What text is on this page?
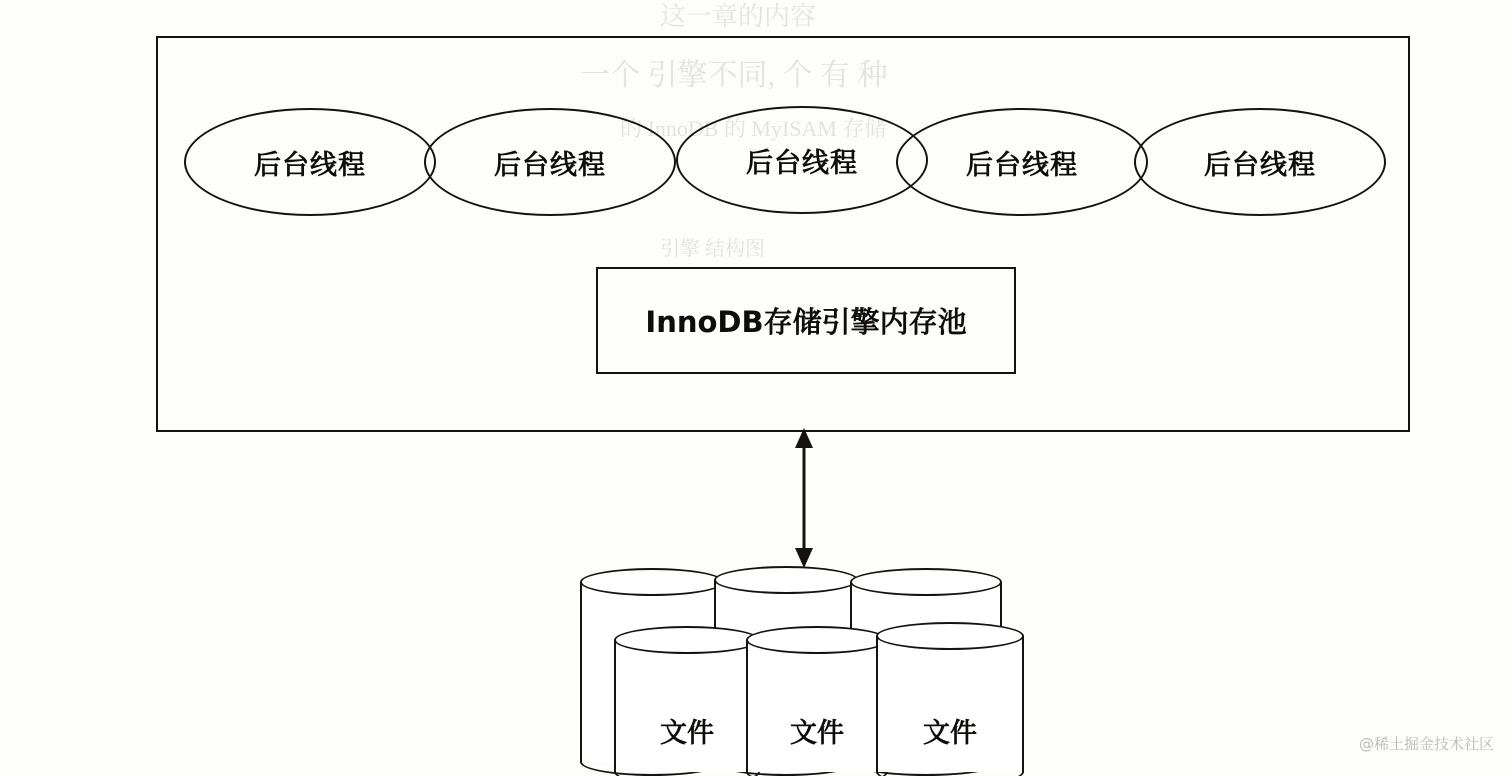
这一章的内容
一个 引擎不同, 个 有 种
的 InnoDB 的 MyISAM 存储
引擎 结构图
后台线程	后台线程	后台线程	后台线程	后台线程
InnoDB存储引擎内存池
文件	文件	文件	@稀土掘金技术社区
